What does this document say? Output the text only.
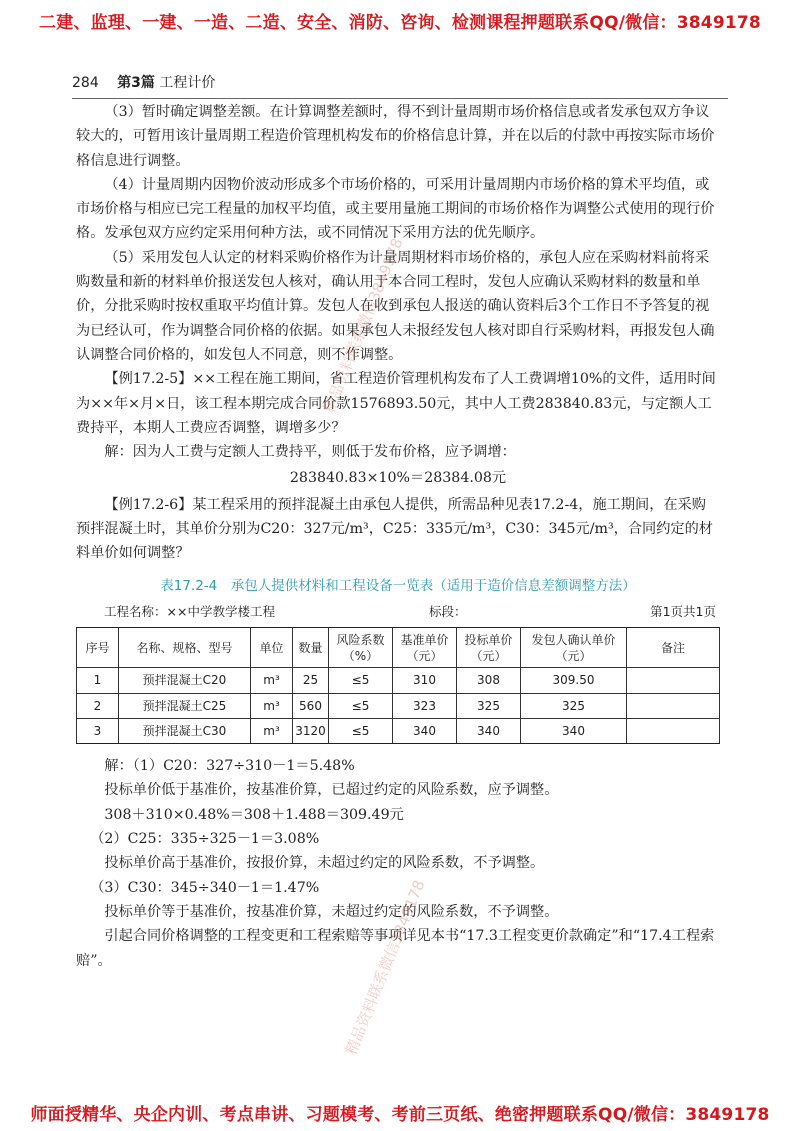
二建、监理、一建、一造、二造、安全、消防、咨询、检测课程押题联系QQ/微信：3849178
284 第3篇 工程计价

（3）暂时确定调整差额。在计算调整差额时，得不到计量周期市场价格信息或者发承包双方争议较大的，可暂用该计量周期工程造价管理机构发布的价格信息计算，并在以后的付款中再按实际市场价格信息进行调整。

（4）计量周期内因物价波动形成多个市场价格的，可采用计量周期内市场价格的算术平均值，或市场价格与相应已完工程量的加权平均值，或主要用量施工期间的市场价格作为调整公式使用的现行价格。发承包双方应约定采用何种方法，或不同情况下采用方法的优先顺序。

（5）采用发包人认定的材料采购价格作为计量周期材料市场价格的，承包人应在采购材料前将采购数量和新的材料单价报送发包人核对，确认用于本合同工程时，发包人应确认采购材料的数量和单价，分批采购时按权重取平均值计算。发包人在收到承包人报送的确认资料后3个工作日不予答复的视为已经认可，作为调整合同价格的依据。如果承包人未报经发包人核对即自行采购材料，再报发包人确认调整合同价格的，如发包人不同意，则不作调整。

【例17.2-5】××工程在施工期间，省工程造价管理机构发布了人工费调增10%的文件，适用时间为××年×月×日，该工程本期完成合同价款1576893.50元，其中人工费283840.83元，与定额人工费持平，本期人工费应否调整，调增多少？

解：因为人工费与定额人工费持平，则低于发布价格，应予调增：

283840.83×10%＝28384.08元

【例17.2-6】某工程采用的预拌混凝土由承包人提供，所需品种见表17.2-4，施工期间，在采购预拌混凝土时，其单价分别为C20：327元/m³，C25：335元/m³，C30：345元/m³，合同约定的材料单价如何调整？

表17.2-4　承包人提供材料和工程设备一览表（适用于造价信息差额调整方法）
工程名称：××中学教学楼工程	标段：	第1页共1页
序号	名称、规格、型号	单位	数量	风险系数（%）	基准单价（元）	投标单价（元）	发包人确认单价（元）	备注
1	预拌混凝土C20	m³	25	≤5	310	308	309.50	
2	预拌混凝土C25	m³	560	≤5	323	325	325	
3	预拌混凝土C30	m³	3120	≤5	340	340	340	

解：（1）C20：327÷310－1＝5.48%

投标单价低于基准价，按基准价算，已超过约定的风险系数，应予调整。

308＋310×0.48%＝308＋1.488＝309.49元

（2）C25：335÷325－1＝3.08%

投标单价高于基准价，按报价算，未超过约定的风险系数，不予调整。

（3）C30：345÷340－1＝1.47%

投标单价等于基准价，按基准价算，未超过约定的风险系数，不予调整。

引起合同价格调整的工程变更和工程索赔等事项详见本书“17.3工程变更价款确定”和“17.4工程索赔”。

精品资料联系微信3849178
精品资料联系微信3849178
师面授精华、央企内训、考点串讲、习题模考、考前三页纸、绝密押题联系QQ/微信：3849178
